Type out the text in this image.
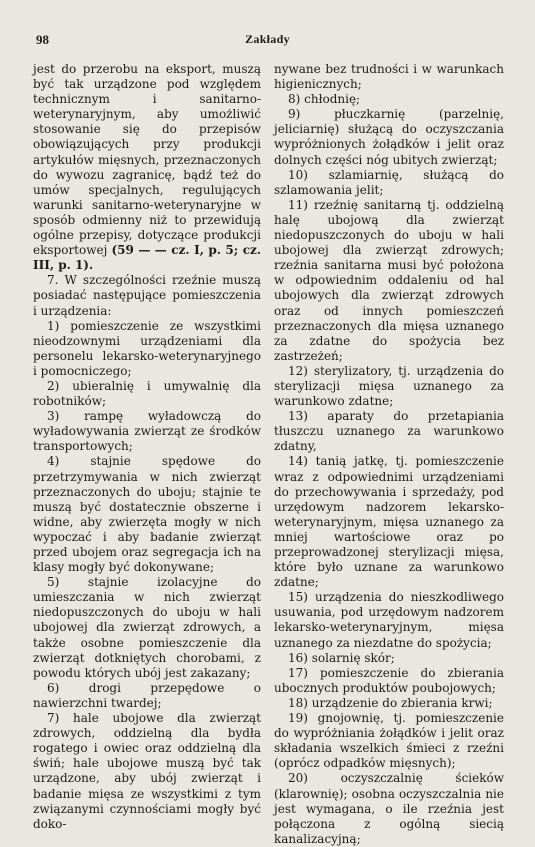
98	Zakłady

jest do przerobu na eksport, muszą być tak urządzone pod względem technicznym i sanitarno-weterynaryjnym, aby umożliwić stosowanie się do przepisów obowiązujących przy produkcji artykułów mięsnych, przeznaczonych do wywozu zagranicę, bądź też do umów specjalnych, regulujących warunki sanitarno-weterynaryjne w sposób odmienny niż to przewidują ogólne przepisy, dotyczące produkcji eksportowej (59 — — cz. I, p. 5; cz. III, p. 1).

7. W szczególności rzeźnie muszą posiadać następujące pomieszczenia i urządzenia:

1) pomieszczenie ze wszystkimi nieodzownymi urządzeniami dla personelu lekarsko-weterynaryjnego i pomocniczego;

2) ubieralnię i umywalnię dla robotników;

3) rampę wyładowczą do wyładowywania zwierząt ze środków transportowych;

4) stajnie spędowe do przetrzymywania w nich zwierząt przeznaczonych do uboju; stajnie te muszą być dostatecznie obszerne i widne, aby zwierzęta mogły w nich wypoczać i aby badanie zwierząt przed ubojem oraz segregacja ich na klasy mogły być dokonywane;

5) stajnie izolacyjne do umieszczania w nich zwierząt niedopuszczonych do uboju w hali ubojowej dla zwierząt zdrowych, a także osobne pomieszczenie dla zwierząt dotkniętych chorobami, z powodu których ubój jest zakazany;

6) drogi przepędowe o nawierzchni twardej;

7) hale ubojowe dla zwierząt zdrowych, oddzielną dla bydła rogatego i owiec oraz oddzielną dla świń; hale ubojowe muszą być tak urządzone, aby ubój zwierząt i badanie mięsa ze wszystkimi z tym związanymi czynnościami mogły być doko-

nywane bez trudności i w warunkach higienicznych;

8) chłodnię;

9) płuczkarnię (parzelnię, jeliciarnię) służącą do oczyszczania wypróżnionych żołądków i jelit oraz dolnych części nóg ubitych zwierząt;

10) szlamiarnię, służącą do szlamowania jelit;

11) rzeźnię sanitarną tj. oddzielną halę ubojową dla zwierząt niedopuszczonych do uboju w hali ubojowej dla zwierząt zdrowych; rzeźnia sanitarna musi być położona w odpowiednim oddaleniu od hal ubojowych dla zwierząt zdrowych oraz od innych pomieszczeń przeznaczonych dla mięsa uznanego za zdatne do spożycia bez zastrzeżeń;

12) sterylizatory, tj. urządzenia do sterylizacji mięsa uznanego za warunkowo zdatne;

13) aparaty do przetapiania tłuszczu uznanego za warunkowo zdatny,

14) tanią jatkę, tj. pomieszczenie wraz z odpowiednimi urządzeniami do przechowywania i sprzedaży, pod urzędowym nadzorem lekarsko-weterynaryjnym, mięsa uznanego za mniej wartościowe oraz po przeprowadzonej sterylizacji mięsa, które było uznane za warunkowo zdatne;

15) urządzenia do nieszkodliwego usuwania, pod urzędowym nadzorem lekarsko-weterynaryjnym, mięsa uznanego za niezdatne do spożycia;

16) solarnię skór;

17) pomieszczenie do zbierania ubocznych produktów poubojowych;

18) urządzenie do zbierania krwi;

19) gnojownię, tj. pomieszczenie do wypróżniania żołądków i jelit oraz składania wszelkich śmieci z rzeźni (oprócz odpadków mięsnych);

20) oczyszczalnię ścieków (klarownię); osobna oczyszczalnia nie jest wymagana, o ile rzeźnia jest połączona z ogólną siecią kanalizacyjną;
